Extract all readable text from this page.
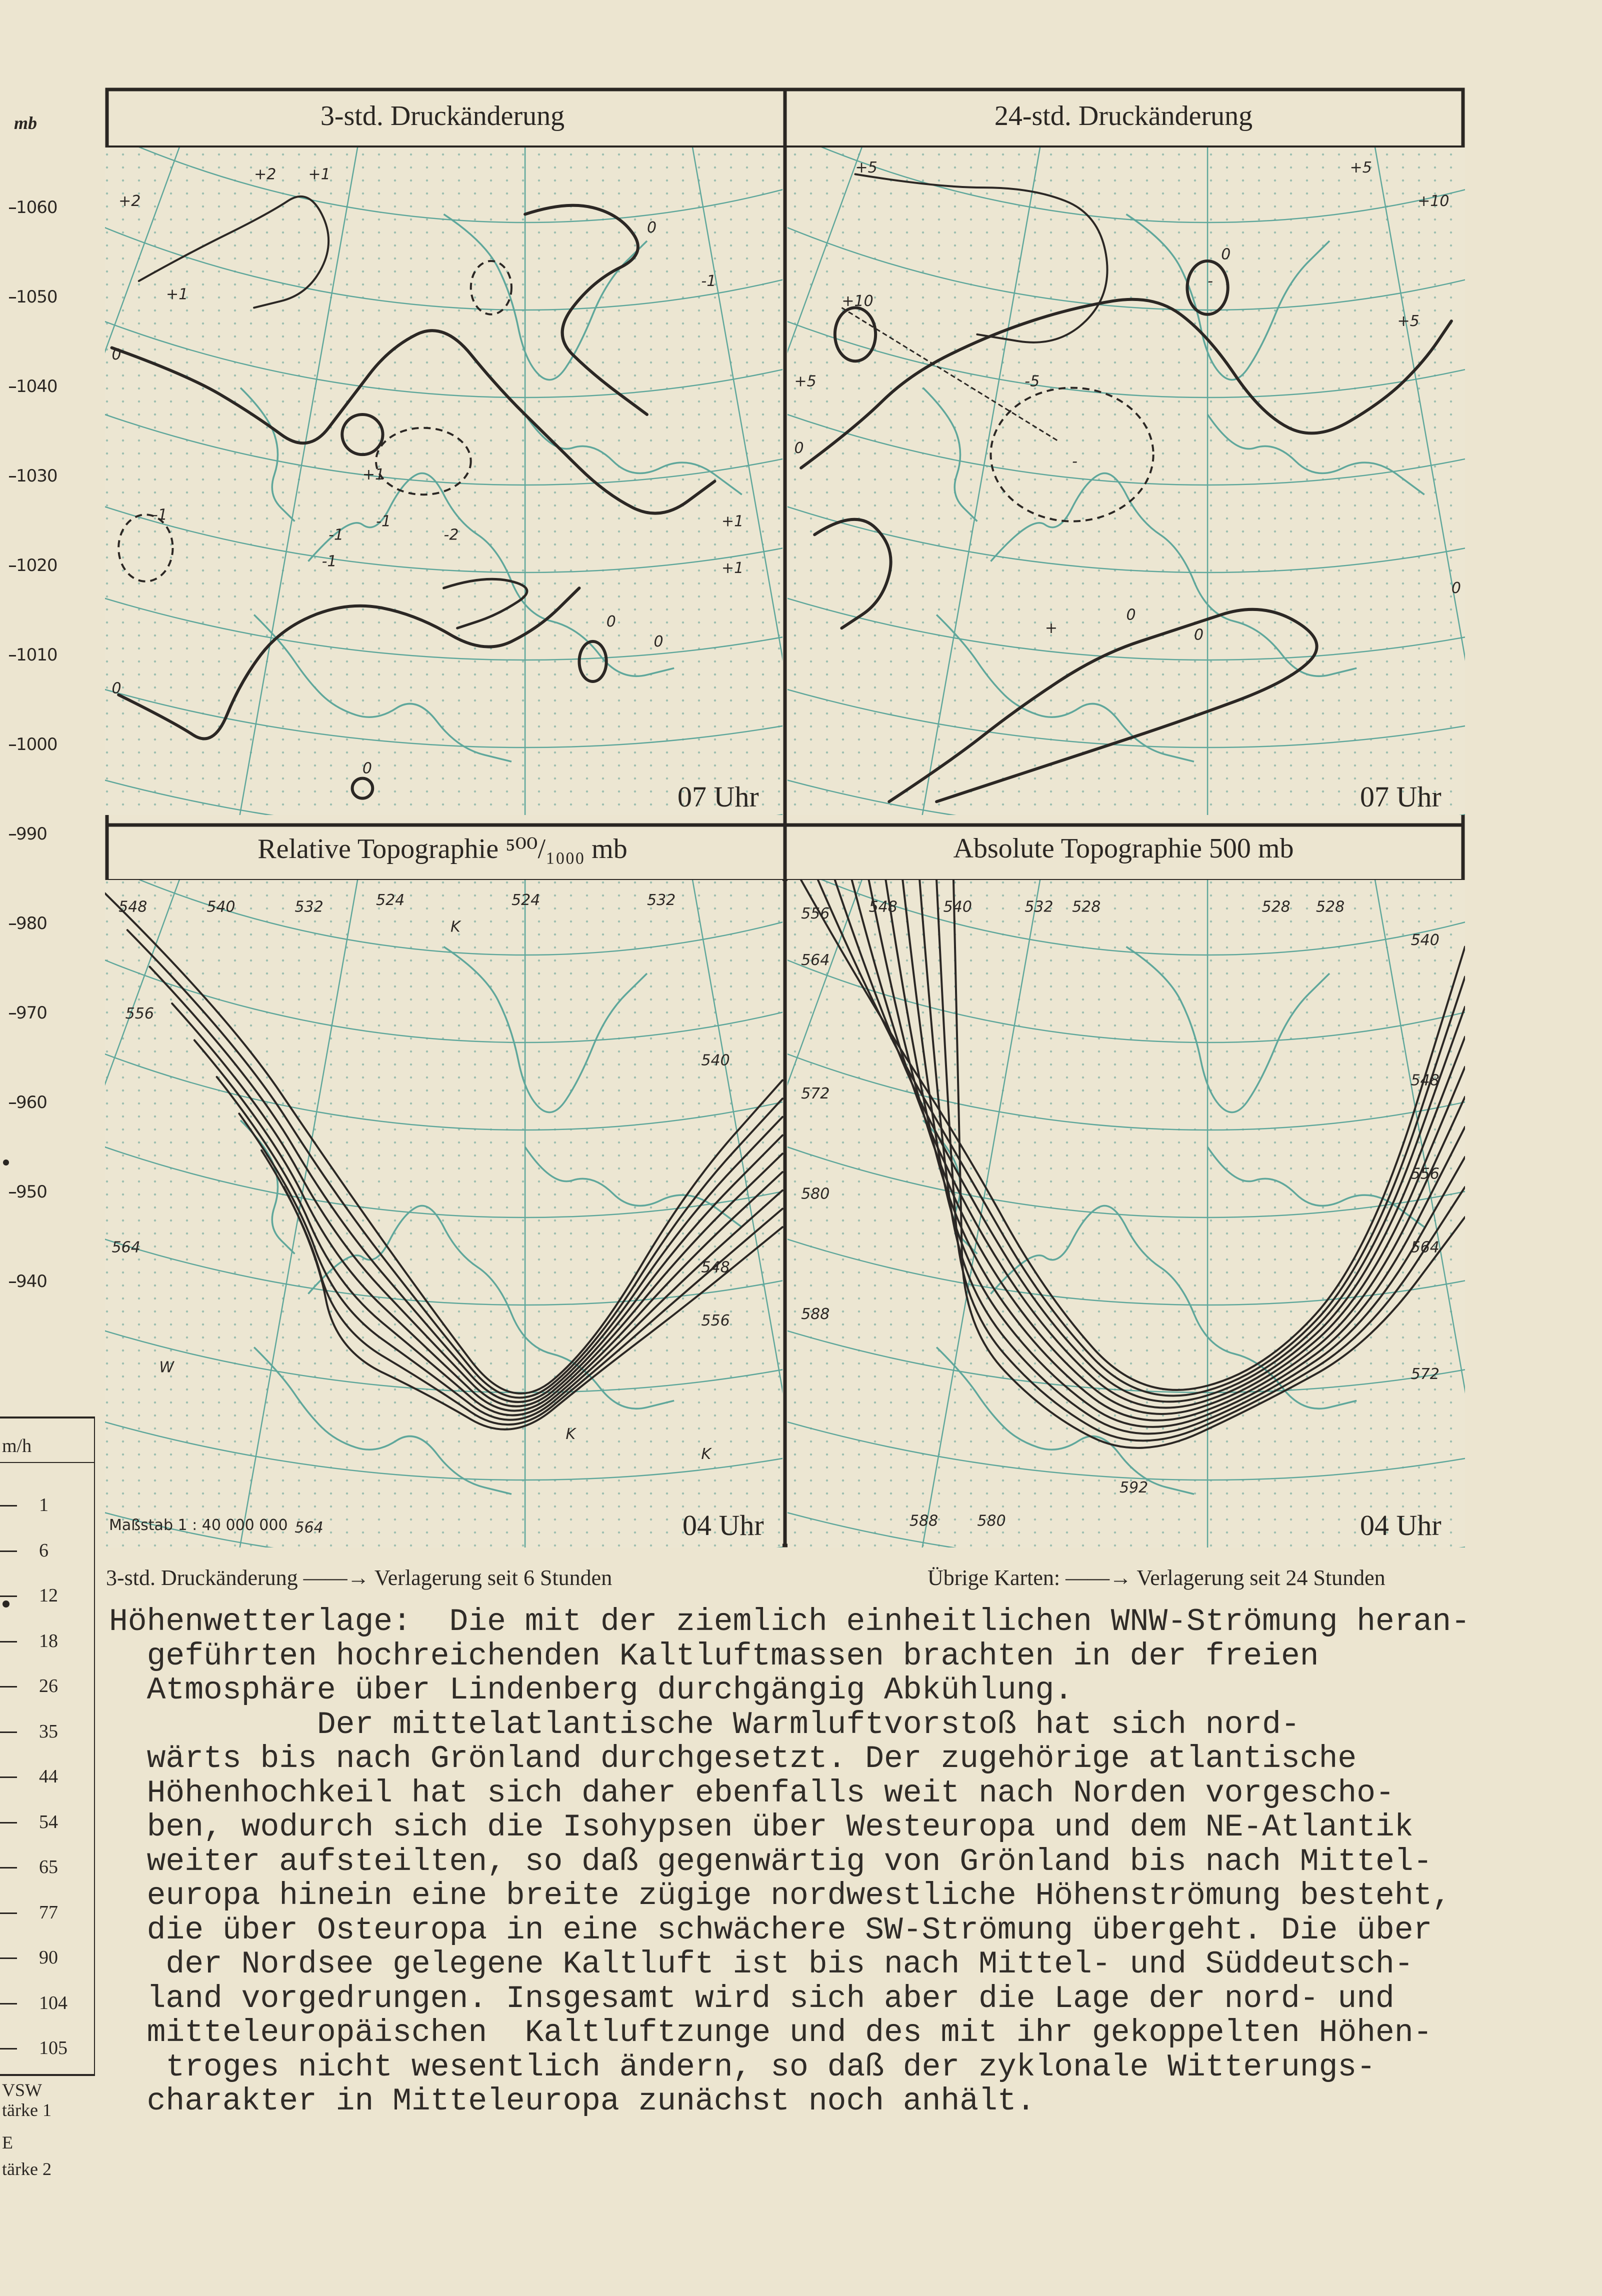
mb
1060
1050
1040
1030
1020
1010
1000
990
980
970
960
950
940
m/h
1
6
12
18
26
35
44
54
65
77
90
104
105
VSW
tärke 1
E
tärke 2
+2 +1
+2
+1
0
-1
0
+1
-1	-1
-1	-2
-1
0
0
0
0
+1
+1
+5	+5
+10
+10
0
-
+5
-5
-
0
+5
0
0
+	0
548	540	532	524
K
524	532
556
540
564
548
556
W
K
K
564
556	548	540	532 528	528 528
564
540
572
548
580
556
588
564
572
588	580
592
3-std. Druckänderung	24-std. Druckänderung
Relative Topographie ⁵⁰⁰/₁₀₀₀ mb	Absolute Topographie 500 mb
07 Uhr	07 Uhr
04 Uhr	04 Uhr
Maßstab 1 : 40 000 000
3-std. Druckänderung ——→ Verlagerung seit 6 Stunden	Übrige Karten: ——→ Verlagerung seit 24 Stunden
Höhenwetterlage:  Die mit der ziemlich einheitlichen WNW-Strömung heran-
geführten hochreichenden Kaltluftmassen brachten in der freien
Atmosphäre über Lindenberg durchgängig Abkühlung.
Der mittelatlantische Warmluftvorstoß hat sich nord-
wärts bis nach Grönland durchgesetzt. Der zugehörige atlantische
Höhenhochkeil hat sich daher ebenfalls weit nach Norden vorgescho-
ben, wodurch sich die Isohypsen über Westeuropa und dem NE-Atlantik
weiter aufsteilten, so daß gegenwärtig von Grönland bis nach Mittel-
europa hinein eine breite zügige nordwestliche Höhenströmung besteht,
die über Osteuropa in eine schwächere SW-Strömung übergeht. Die über
der Nordsee gelegene Kaltluft ist bis nach Mittel- und Süddeutsch-
land vorgedrungen. Insgesamt wird sich aber die Lage der nord- und
mitteleuropäischen  Kaltluftzunge und des mit ihr gekoppelten Höhen-
troges nicht wesentlich ändern, so daß der zyklonale Witterungs-
charakter in Mitteleuropa zunächst noch anhält.
